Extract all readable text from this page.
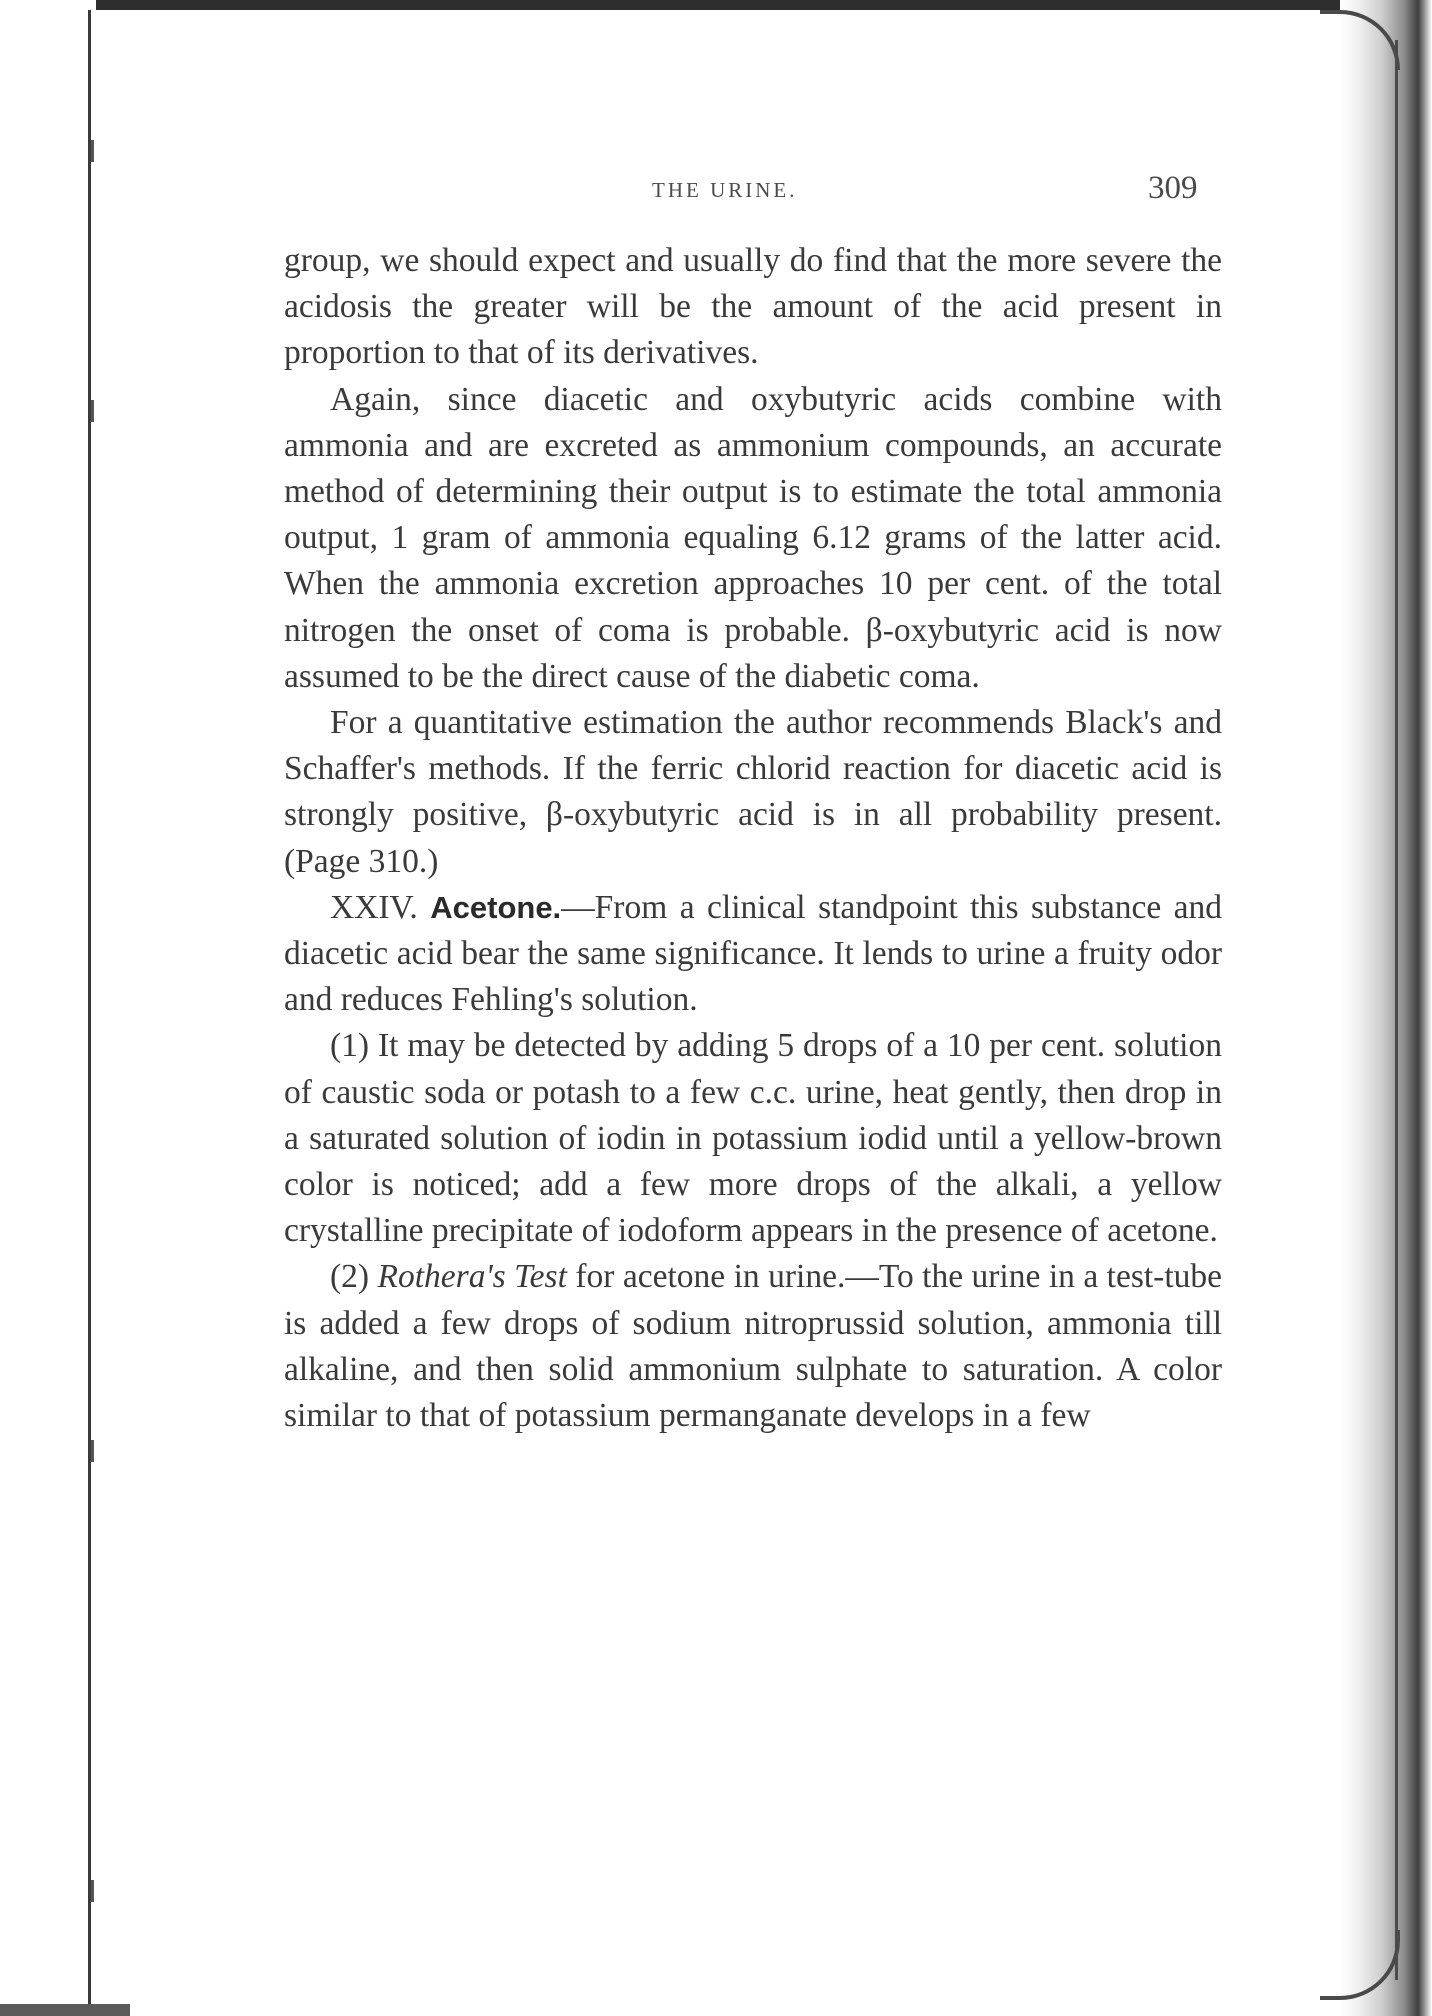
THE URINE.	309

group, we should expect and usually do find that the more severe the acidosis the greater will be the amount of the acid present in proportion to that of its derivatives.

Again, since diacetic and oxybutyric acids combine with ammonia and are excreted as ammonium compounds, an accurate method of determining their output is to estimate the total ammonia output, 1 gram of ammonia equaling 6.12 grams of the latter acid. When the ammonia excretion approaches 10 per cent. of the total nitrogen the onset of coma is probable. β-oxybutyric acid is now assumed to be the direct cause of the diabetic coma.

For a quantitative estimation the author recommends Black's and Schaffer's methods. If the ferric chlorid reaction for diacetic acid is strongly positive, β-oxybutyric acid is in all probability present. (Page 310.)

XXIV. Acetone.—From a clinical standpoint this substance and diacetic acid bear the same significance. It lends to urine a fruity odor and reduces Fehling's solution.

(1) It may be detected by adding 5 drops of a 10 per cent. solution of caustic soda or potash to a few c.c. urine, heat gently, then drop in a saturated solution of iodin in potassium iodid until a yellow-brown color is noticed; add a few more drops of the alkali, a yellow crystalline precipitate of iodoform appears in the presence of acetone.

(2) Rothera's Test for acetone in urine.—To the urine in a test-tube is added a few drops of sodium nitroprussid solution, ammonia till alkaline, and then solid ammonium sulphate to saturation. A color similar to that of potassium permanganate develops in a few
